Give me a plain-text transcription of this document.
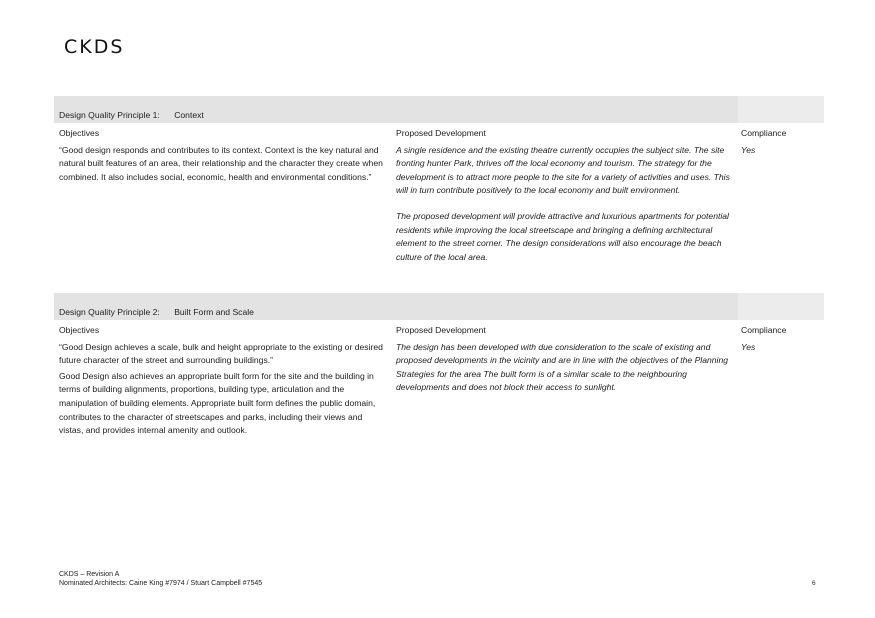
CKDS
Design Quality Principle 1: Context
Objectives

“Good design responds and contributes to its context. Context is the key natural and natural built features of an area, their relationship and the character they create when combined. It also includes social, economic, health and environmental conditions.”

Proposed Development

A single residence and the existing theatre currently occupies the subject site. The site fronting hunter Park, thrives off the local economy and tourism. The strategy for the development is to attract more people to the site for a variety of activities and uses. This will in turn contribute positively to the local economy and built environment.

The proposed development will provide attractive and luxurious apartments for potential residents while improving the local streetscape and bringing a defining architectural element to the street corner. The design considerations will also encourage the beach culture of the local area.

Compliance
Yes
Design Quality Principle 2: Built Form and Scale
Objectives

“Good Design achieves a scale, bulk and height appropriate to the existing or desired future character of the street and surrounding buildings.”

Good Design also achieves an appropriate built form for the site and the building in terms of building alignments, proportions, building type, articulation and the manipulation of building elements. Appropriate built form defines the public domain, contributes to the character of streetscapes and parks, including their views and vistas, and provides internal amenity and outlook.

Proposed Development

The design has been developed with due consideration to the scale of existing and proposed developments in the vicinity and are in line with the objectives of the Planning Strategies for the area The built form is of a similar scale to the neighbouring developments and does not block their access to sunlight.

Compliance
Yes
CKDS – Revision A
Nominated Architects: Caine King #7974 / Stuart Campbell #7545	6
